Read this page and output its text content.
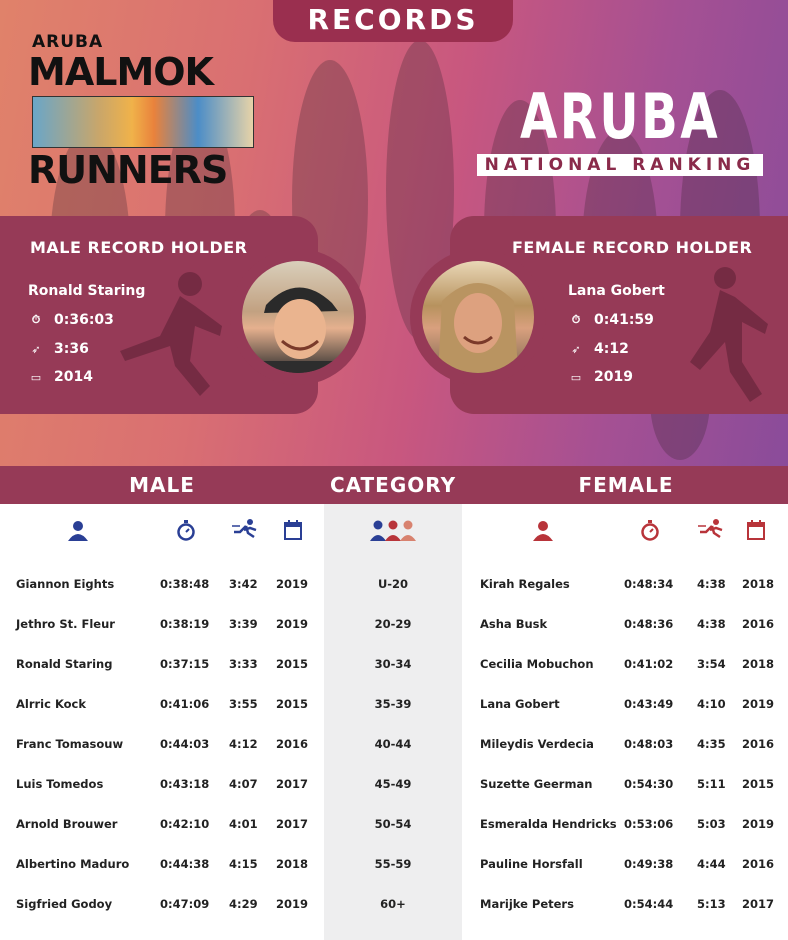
RECORDS
ARUBA
MALMOK
RUNNERS
ARUBA
NATIONAL RANKING
MALE RECORD HOLDER
Ronald Staring
⏱ 0:36:03
➶ 3:36
▭ 2014
FEMALE RECORD HOLDER
Lana Gobert
⏱ 0:41:59
➶ 4:12
▭ 2019
MALE	CATEGORY	FEMALE
Giannon Eights	0:38:48 3:42 2019	U-20	Kirah Regales	0:48:34 4:38 2018
Jethro St. Fleur	0:38:19 3:39 2019	20-29	Asha Busk	0:48:36 4:38 2016
Ronald Staring	0:37:15 3:33 2015	30-34	Cecilia Mobuchon	0:41:02 3:54 2018
Alrric Kock	0:41:06 3:55 2015	35-39	Lana Gobert	0:43:49 4:10 2019
Franc Tomasouw	0:44:03 4:12 2016	40-44	Mileydis Verdecia	0:48:03 4:35 2016
Luis Tomedos	0:43:18 4:07 2017	45-49	Suzette Geerman	0:54:30 5:11 2015
Arnold Brouwer	0:42:10 4:01 2017	50-54	Esmeralda Hendricks 0:53:06 5:03 2019
Albertino Maduro	0:44:38 4:15 2018	55-59	Pauline Horsfall	0:49:38 4:44 2016
Sigfried Godoy	0:47:09 4:29 2019	60+	Marijke Peters	0:54:44 5:13 2017
